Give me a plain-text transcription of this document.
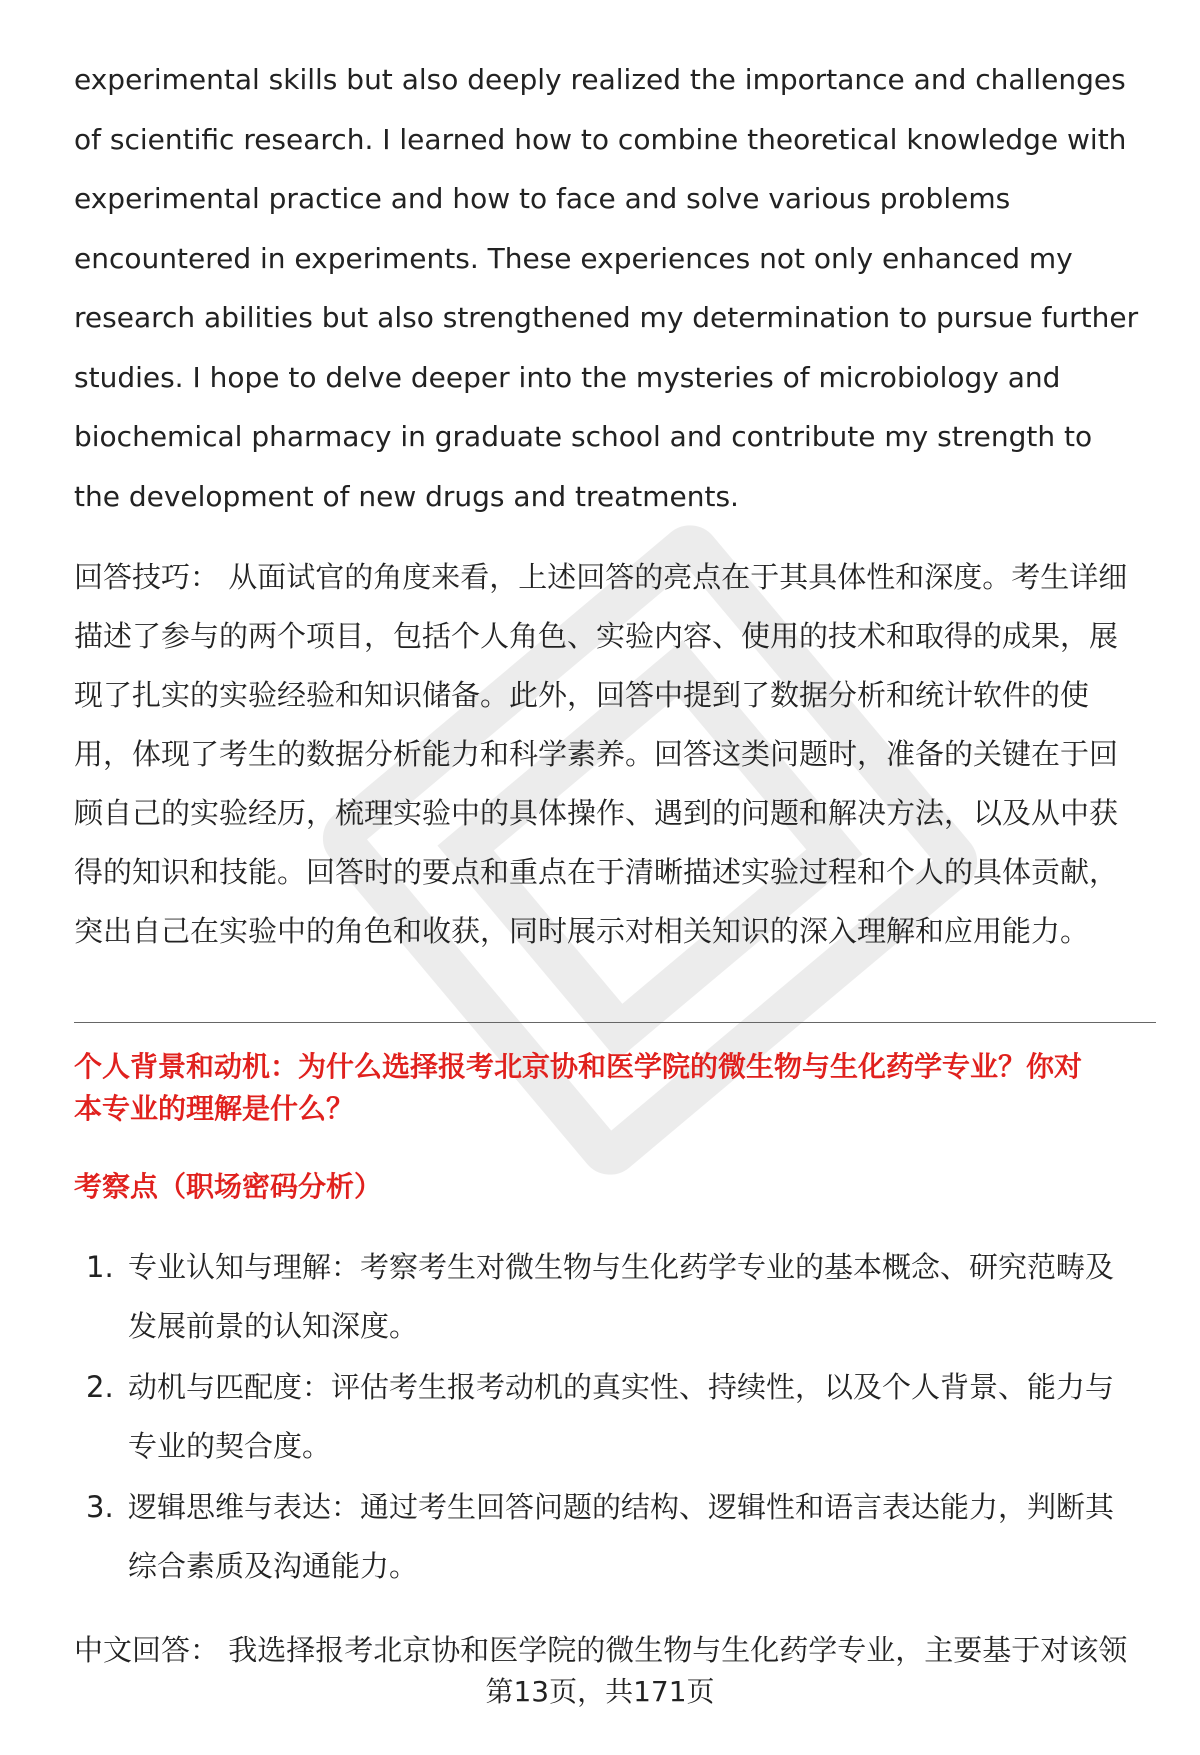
experimental skills but also deeply realized the importance and challenges

of scientific research. I learned how to combine theoretical knowledge with

experimental practice and how to face and solve various problems

encountered in experiments. These experiences not only enhanced my

research abilities but also strengthened my determination to pursue further

studies. I hope to delve deeper into the mysteries of microbiology and

biochemical pharmacy in graduate school and contribute my strength to

the development of new drugs and treatments.

回答技巧： 从面试官的角度来看，上述回答的亮点在于其具体性和深度。考生详细

描述了参与的两个项目，包括个人角色、实验内容、使用的技术和取得的成果，展

现了扎实的实验经验和知识储备。此外，回答中提到了数据分析和统计软件的使

用，体现了考生的数据分析能力和科学素养。回答这类问题时，准备的关键在于回

顾自己的实验经历，梳理实验中的具体操作、遇到的问题和解决方法，以及从中获

得的知识和技能。回答时的要点和重点在于清晰描述实验过程和个人的具体贡献，

突出自己在实验中的角色和收获，同时展示对相关知识的深入理解和应用能力。

个人背景和动机：为什么选择报考北京协和医学院的微生物与生化药学专业？你对
本专业的理解是什么？
考察点（职场密码分析）
1. 专业认知与理解：考察考生对微生物与生化药学专业的基本概念、研究范畴及
发展前景的认知深度。
2. 动机与匹配度：评估考生报考动机的真实性、持续性，以及个人背景、能力与
专业的契合度。
3. 逻辑思维与表达：通过考生回答问题的结构、逻辑性和语言表达能力，判断其
综合素质及沟通能力。

中文回答： 我选择报考北京协和医学院的微生物与生化药学专业，主要基于对该领

第13页，共171页
